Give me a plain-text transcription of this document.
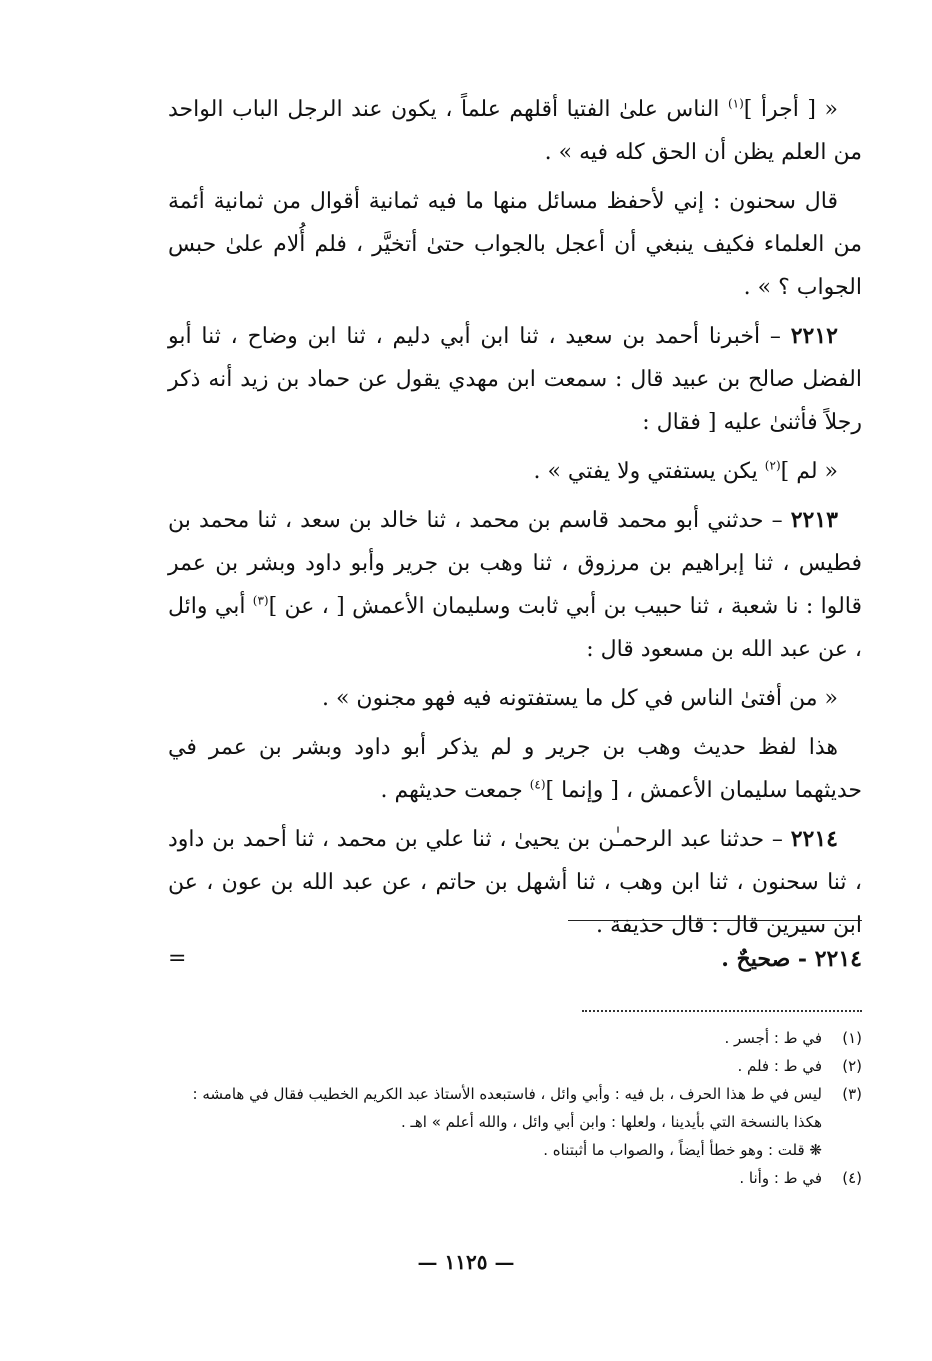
« [ أجرأ ]$^{(١)}$ الناس علىٰ الفتيا أقلهم علماً ، يكون عند الرجل الباب الواحد من العلم يظن أن الحق كله فيه » .

قال سحنون : إني لأحفظ مسائل منها ما فيه ثمانية أقوال من ثمانية أئمة من العلماء فكيف ينبغي أن أعجل بالجواب حتىٰ أتخيَّر ، فلم أُلام علىٰ حبس الجواب ؟ » .

٢٢١٢ – أخبرنا أحمد بن سعيد ، ثنا ابن أبي دليم ، ثنا ابن وضاح ، ثنا أبو الفضل صالح بن عبيد قال : سمعت ابن مهدي يقول عن حماد بن زيد أنه ذكر رجلاً فأثنىٰ عليه [ فقال :

« لم ]$^{(٢)}$ يكن يستفتي ولا يفتي » .

٢٢١٣ – حدثني أبو محمد قاسم بن محمد ، ثنا خالد بن سعد ، ثنا محمد بن فطيس ، ثنا إبراهيم بن مرزوق ، ثنا وهب بن جرير وأبو داود وبشر بن عمر قالوا : نا شعبة ، ثنا حبيب بن أبي ثابت وسليمان الأعمش [ ، عن ]$^{(٣)}$ أبي وائل ، عن عبد الله بن مسعود قال :

« من أفتىٰ الناس في كل ما يستفتونه فيه فهو مجنون » .

هذا لفظ حديث وهب بن جرير و لم يذكر أبو داود وبشر بن عمر في حديثهما سليمان الأعمش ، [ وإنما ]$^{(٤)}$ جمعت حديثهم .

٢٢١٤ – حدثنا عبد الرحمـٰن بن يحيىٰ ، ثنا علي بن محمد ، ثنا أحمد بن داود ، ثنا سحنون ، ثنا ابن وهب ، ثنا أشهل بن حاتم ، عن عبد الله بن عون ، عن ابن سيرين قال : قال حذيفة .

٢٢١٤ - صحيحٌ .
=
(١)
في ط : أجسر .
(٢)
في ط : فلم .
(٣)
ليس في ط هذا الحرف ، بل فيه : وأبي وائل ، فاستبعده الأستاذ عبد الكريم الخطيب فقال في هامشه : هكذا بالنسخة التي بأيدينا ، ولعلها : وابن أبي وائل ، والله أعلم » اهـ .
❋ قلت : وهو خطأ أيضاً ، والصواب ما أثبتناه .
(٤)
في ط : وأنا .
— ١١٢٥ —
